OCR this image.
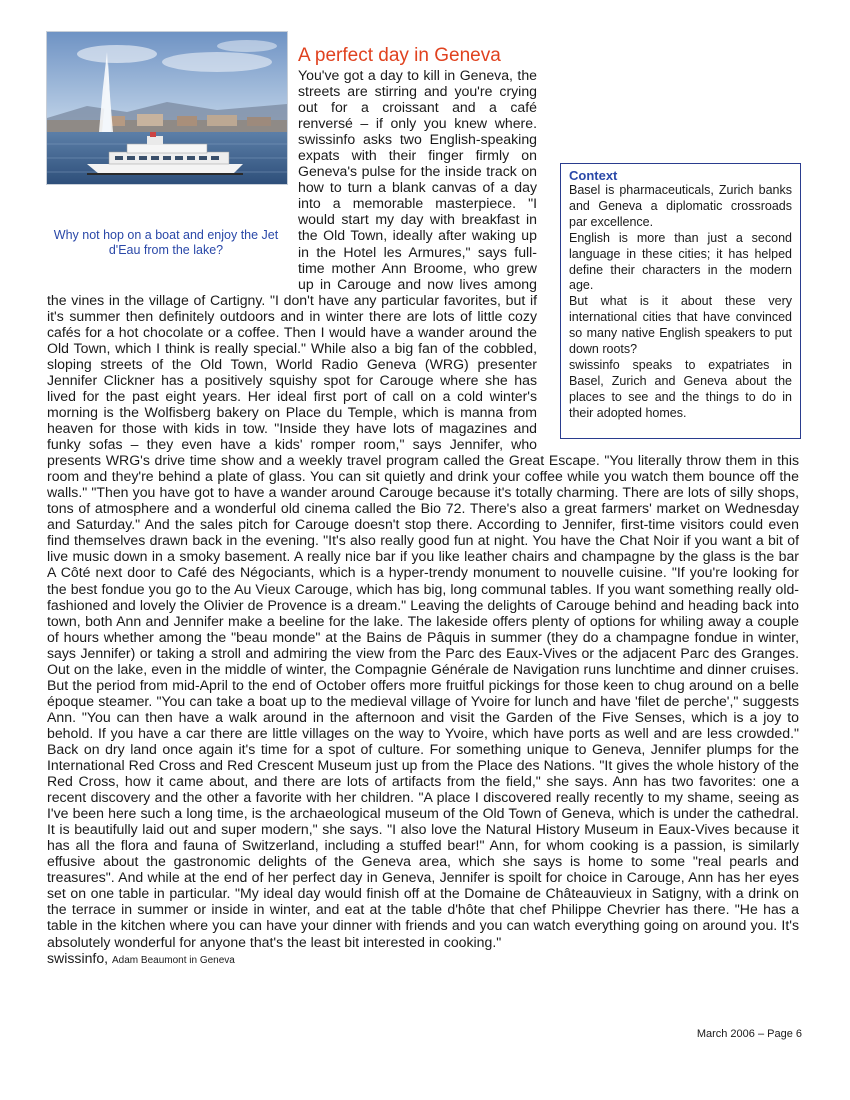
Why not hop on a boat and enjoy the Jet d'Eau from the lake?
A perfect day in Geneva
You've got a day to kill in Geneva, the streets are stirring and you're crying out for a croissant and a café renversé – if only you knew where. swissinfo asks two English-speaking expats with their finger firmly on Geneva's pulse for the inside track on how to turn a blank canvas of a day into a memorable masterpiece. "I would start my day with breakfast in the Old Town, ideally after waking up in the Hotel les Armures," says full-time mother Ann Broome, who grew up in Carouge and now lives among the vines in the village of Cartigny. "I don't have any particular favorites, but if it's summer then definitely outdoors and in winter there are lots of little cozy cafés for a hot chocolate or a coffee. Then I would have a wander around the Old Town, which I think is really special." While also a big fan of the cobbled, sloping streets of the Old Town, World Radio Geneva (WRG) presenter Jennifer Clickner has a positively squishy spot for Carouge where she has lived for the past eight years. Her ideal first port of call on a cold winter's morning is the Wolfisberg bakery on Place du Temple, which is manna from heaven for those with kids in tow. "Inside they have lots of magazines and funky sofas – they even have a kids' romper room," says Jennifer, who presents WRG's drive time show and a weekly travel program called the Great Escape. "You literally throw them in this room and they're behind a plate of glass. You can sit quietly and drink your coffee while you watch them bounce off the walls." "Then you have got to have a wander around Carouge because it's totally charming. There are lots of silly shops, tons of atmosphere and a wonderful old cinema called the Bio 72. There's also a great farmers' market on Wednesday and Saturday." And the sales pitch for Carouge doesn't stop there. According to Jennifer, first-time visitors could even find themselves drawn back in the evening. "It's also really good fun at night. You have the Chat Noir if you want a bit of live music down in a smoky basement. A really nice bar if you like leather chairs and champagne by the glass is the bar A Côté next door to Café des Négociants, which is a hyper-trendy monument to nouvelle cuisine. "If you're looking for the best fondue you go to the Au Vieux Carouge, which has big, long communal tables. If you want something really old-fashioned and lovely the Olivier de Provence is a dream." Leaving the delights of Carouge behind and heading back into town, both Ann and Jennifer make a beeline for the lake. The lakeside offers plenty of options for whiling away a couple of hours whether among the "beau monde" at the Bains de Pâquis in summer (they do a champagne fondue in winter, says Jennifer) or taking a stroll and admiring the view from the Parc des Eaux-Vives or the adjacent Parc des Granges. Out on the lake, even in the middle of winter, the Compagnie Générale de Navigation runs lunchtime and dinner cruises. But the period from mid-April to the end of October offers more fruitful pickings for those keen to chug around on a belle époque steamer. "You can take a boat up to the medieval village of Yvoire for lunch and have 'filet de perche'," suggests Ann. "You can then have a walk around in the afternoon and visit the Garden of the Five Senses, which is a joy to behold. If you have a car there are little villages on the way to Yvoire, which have ports as well and are less crowded." Back on dry land once again it's time for a spot of culture. For something unique to Geneva, Jennifer plumps for the International Red Cross and Red Crescent Museum just up from the Place des Nations. "It gives the whole history of the Red Cross, how it came about, and there are lots of artifacts from the field," she says. Ann has two favorites: one a recent discovery and the other a favorite with her children. "A place I discovered really recently to my shame, seeing as I've been here such a long time, is the archaeological museum of the Old Town of Geneva, which is under the cathedral. It is beautifully laid out and super modern," she says. "I also love the Natural History Museum in Eaux-Vives because it has all the flora and fauna of Switzerland, including a stuffed bear!" Ann, for whom cooking is a passion, is similarly effusive about the gastronomic delights of the Geneva area, which she says is home to some "real pearls and treasures". And while at the end of her perfect day in Geneva, Jennifer is spoilt for choice in Carouge, Ann has her eyes set on one table in particular. "My ideal day would finish off at the Domaine de Châteauvieux in Satigny, with a drink on the terrace in summer or inside in winter, and eat at the table d'hôte that chef Philippe Chevrier has there. "He has a table in the kitchen where you can have your dinner with friends and you can watch everything going on around you. It's absolutely wonderful for anyone that's the least bit interested in cooking."
swissinfo, Adam Beaumont in Geneva
Context

Basel is pharmaceuticals, Zurich banks and Geneva a diplomatic crossroads par excellence.

English is more than just a second language in these cities; it has helped define their characters in the modern age.

But what is it about these very international cities that have convinced so many native English speakers to put down roots?

swissinfo speaks to expatriates in Basel, Zurich and Geneva about the places to see and the things to do in their adopted homes.

March 2006 – Page 6
